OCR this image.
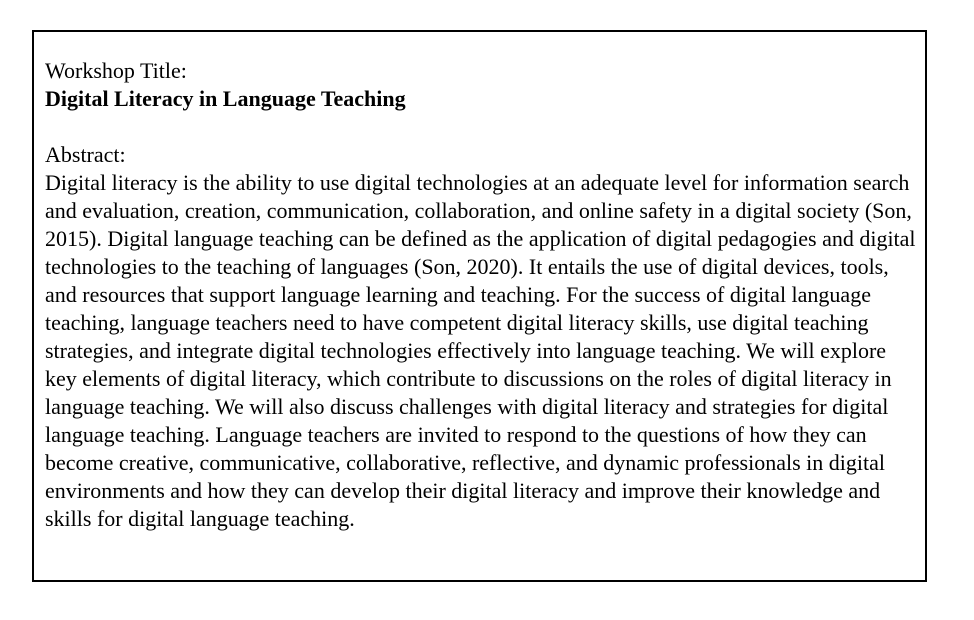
Workshop Title:

Digital Literacy in Language Teaching

Abstract:

Digital literacy is the ability to use digital technologies at an adequate level for information search and evaluation, creation, communication, collaboration, and online safety in a digital society (Son, 2015). Digital language teaching can be defined as the application of digital pedagogies and digital technologies to the teaching of languages (Son, 2020). It entails the use of digital devices, tools, and resources that support language learning and teaching. For the success of digital language teaching, language teachers need to have competent digital literacy skills, use digital teaching strategies, and integrate digital technologies effectively into language teaching. We will explore key elements of digital literacy, which contribute to discussions on the roles of digital literacy in language teaching. We will also discuss challenges with digital literacy and strategies for digital language teaching. Language teachers are invited to respond to the questions of how they can become creative, communicative, collaborative, reflective, and dynamic professionals in digital environments and how they can develop their digital literacy and improve their knowledge and skills for digital language teaching.
